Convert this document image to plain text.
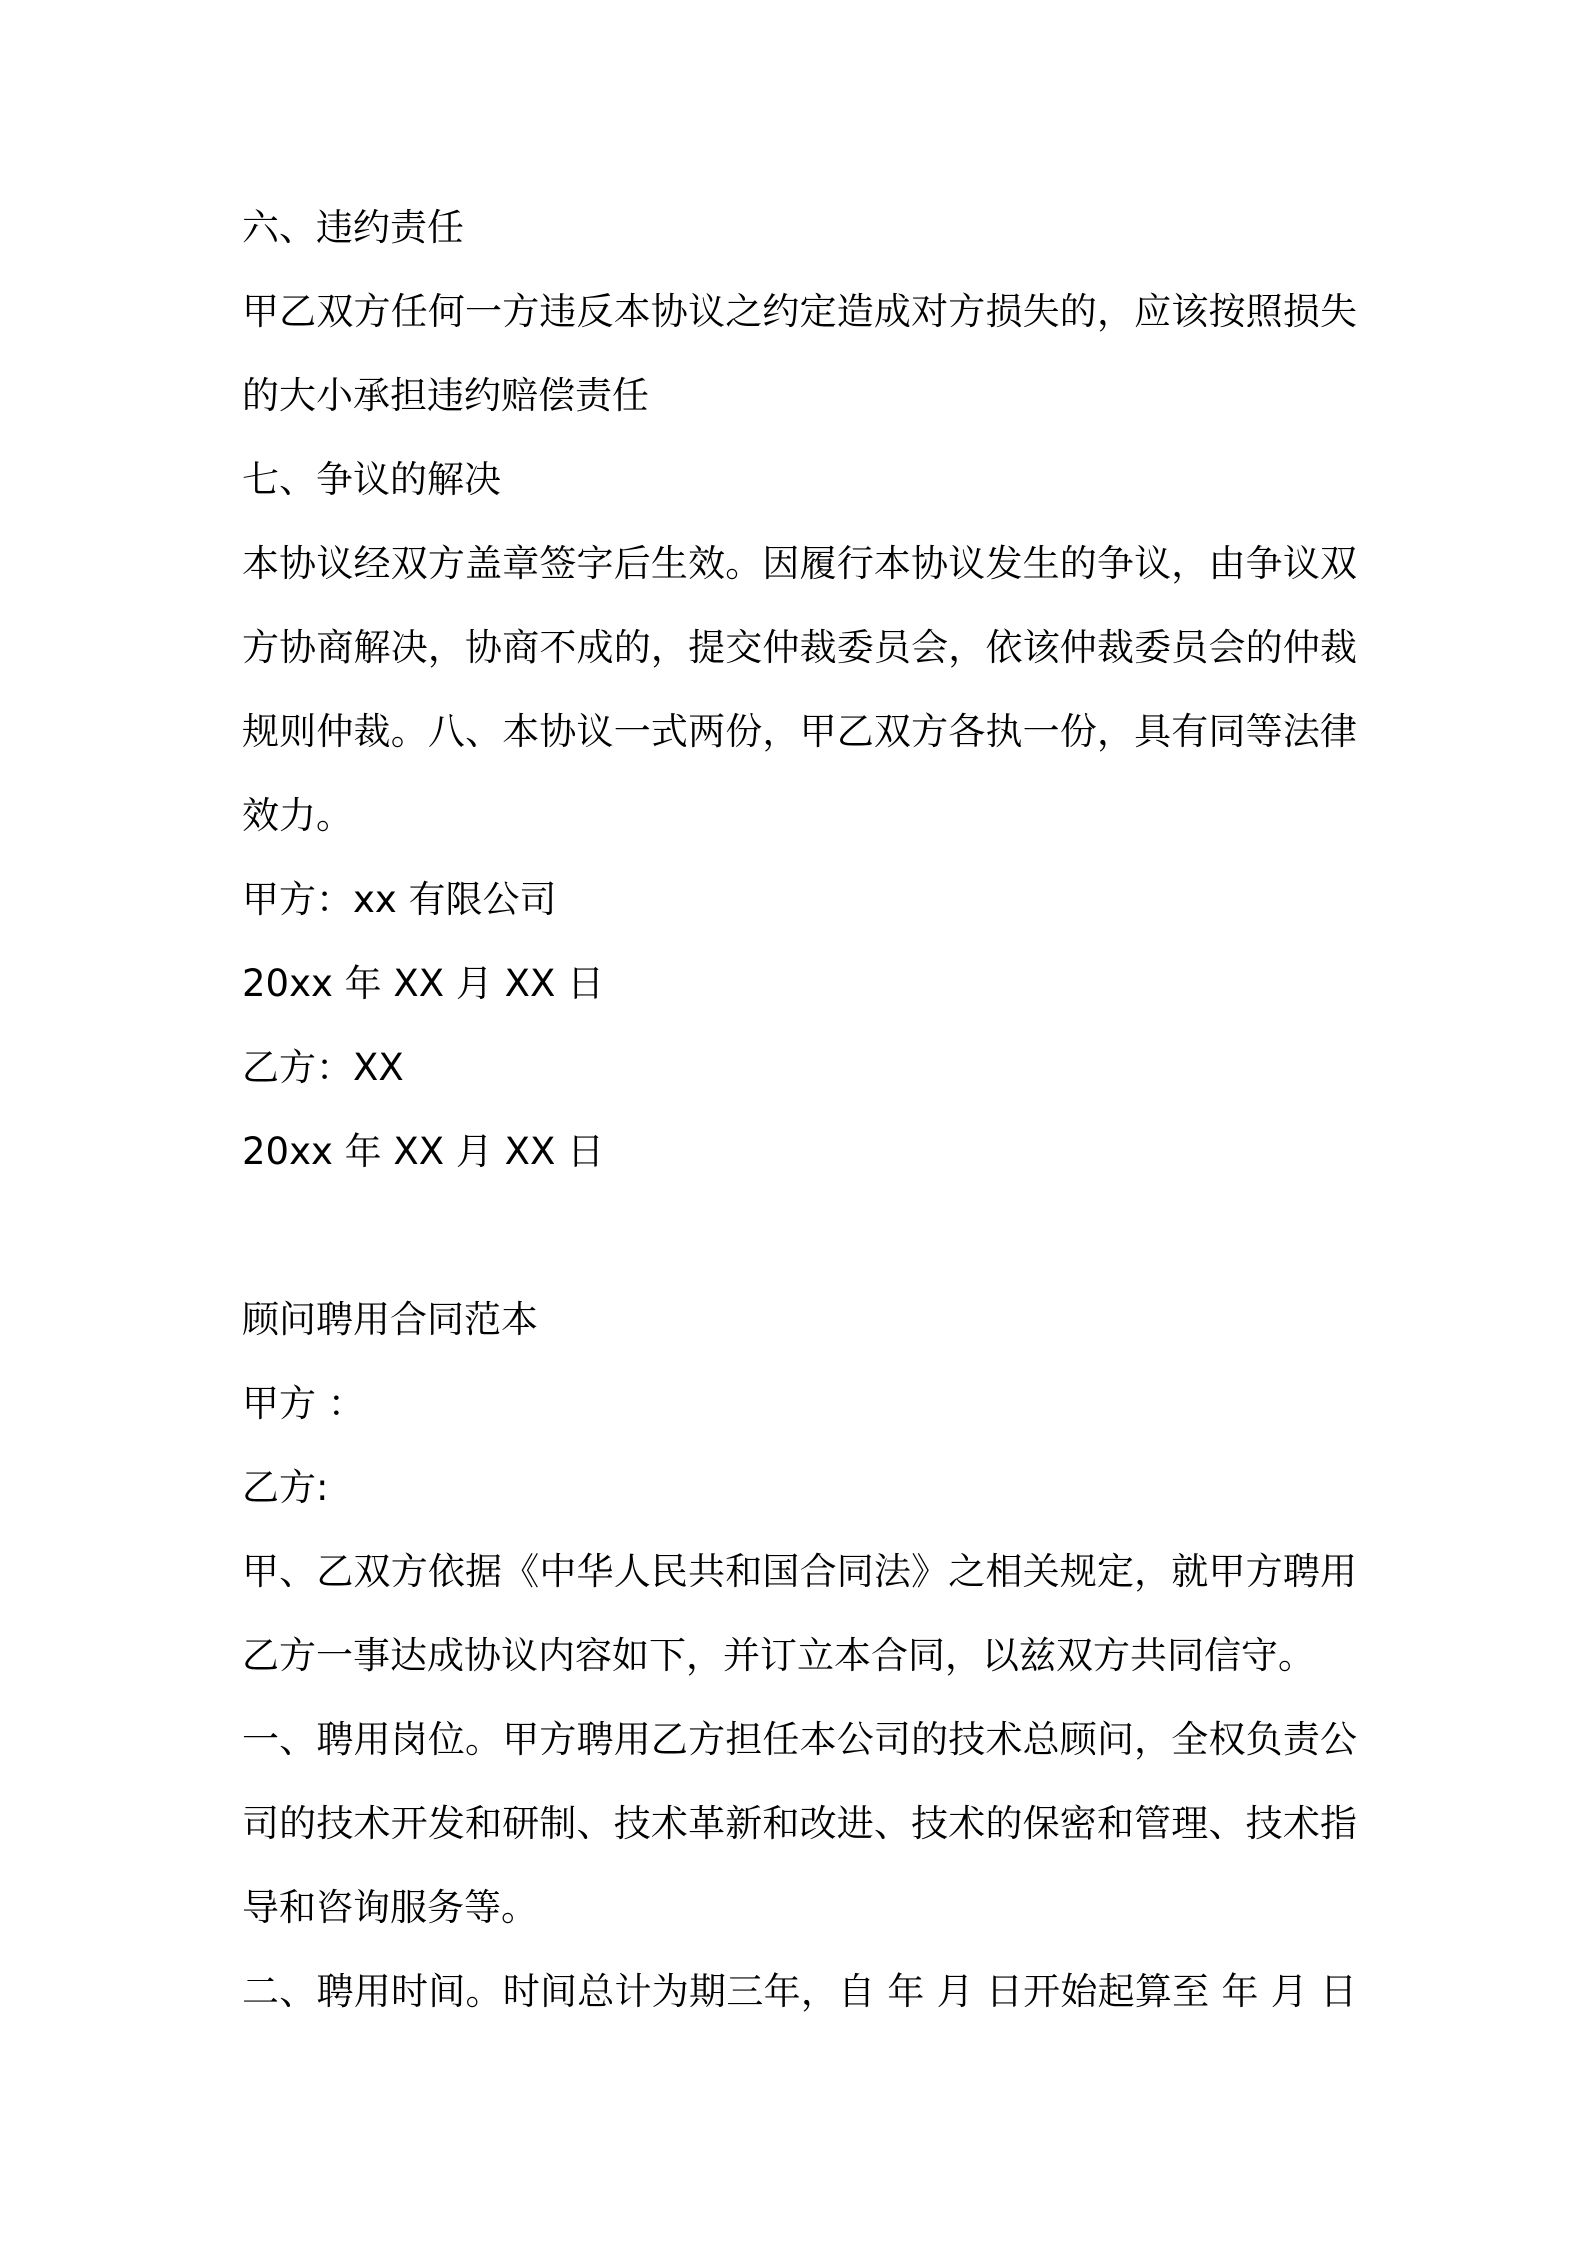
六、违约责任
甲乙双方任何一方违反本协议之约定造成对方损失的，应该按照损失
的大小承担违约赔偿责任
七、争议的解决
本协议经双方盖章签字后生效。因履行本协议发生的争议，由争议双
方协商解决，协商不成的，提交仲裁委员会，依该仲裁委员会的仲裁
规则仲裁。八、本协议一式两份，甲乙双方各执一份，具有同等法律
效力。
甲方：xx 有限公司
20xx 年 XX 月 XX 日
乙方：XX
20xx 年 XX 月 XX 日
顾问聘用合同范本
甲方 ：
乙方:
甲、乙双方依据《中华人民共和国合同法》之相关规定，就甲方聘用
乙方一事达成协议内容如下，并订立本合同，以兹双方共同信守。
一、聘用岗位。甲方聘用乙方担任本公司的技术总顾问，全权负责公
司的技术开发和研制、技术革新和改进、技术的保密和管理、技术指
导和咨询服务等。
二、聘用时间。时间总计为期三年，自 年 月 日开始起算至 年 月 日
